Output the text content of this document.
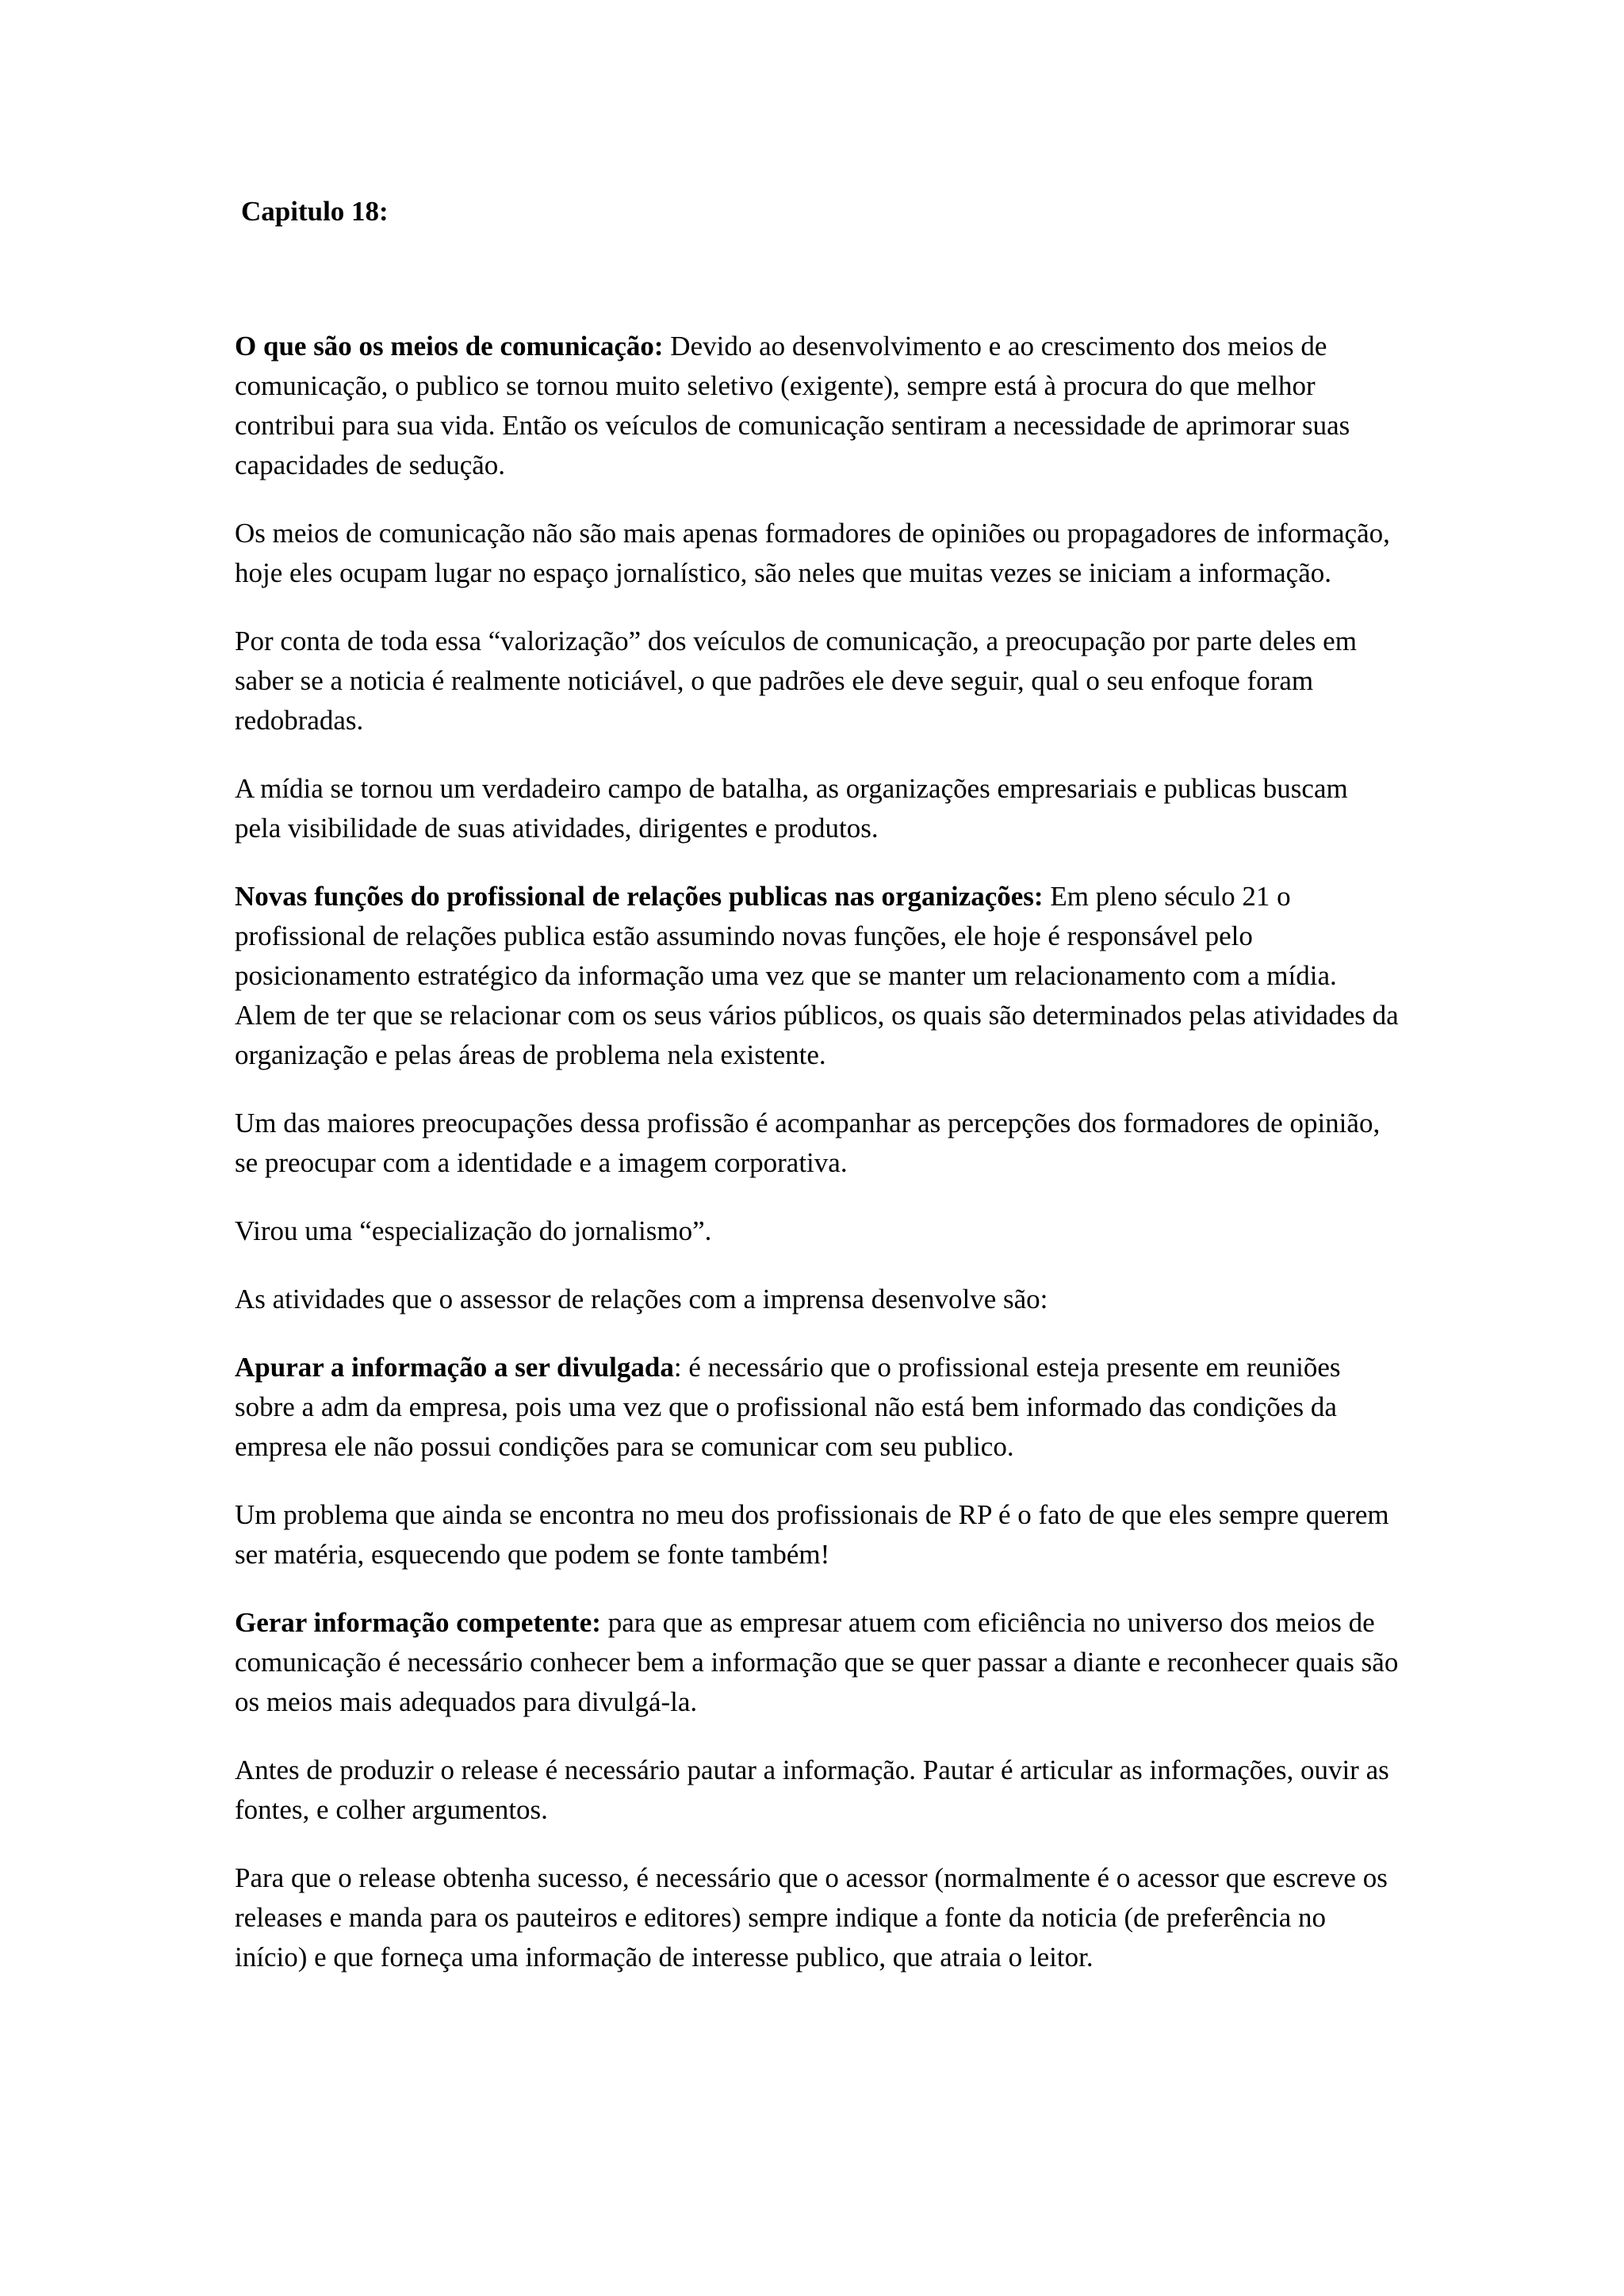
Capitulo 18:

O que são os meios de comunicação: Devido ao desenvolvimento e ao crescimento dos meios de comunicação, o publico se tornou muito seletivo (exigente), sempre está à procura do que melhor contribui para sua vida. Então os veículos de comunicação sentiram a necessidade de aprimorar suas capacidades de sedução.

Os meios de comunicação não são mais apenas formadores de opiniões ou propagadores de informação, hoje eles ocupam lugar no espaço jornalístico, são neles que muitas vezes se iniciam a informação.

Por conta de toda essa “valorização” dos veículos de comunicação, a preocupação por parte deles em saber se a noticia é realmente noticiável, o que padrões ele deve seguir, qual o seu enfoque foram redobradas.

A mídia se tornou um verdadeiro campo de batalha, as organizações empresariais e publicas buscam pela visibilidade de suas atividades, dirigentes e produtos.

Novas funções do profissional de relações publicas nas organizações: Em pleno século 21 o profissional de relações publica estão assumindo novas funções, ele hoje é responsável pelo posicionamento estratégico da informação uma vez que se manter um relacionamento com a mídia. Alem de ter que se relacionar com os seus vários públicos, os quais são determinados pelas atividades da organização e pelas áreas de problema nela existente.

Um das maiores preocupações dessa profissão é acompanhar as percepções dos formadores de opinião, se preocupar com a identidade e a imagem corporativa.

Virou uma “especialização do jornalismo”.

As atividades que o assessor de relações com a imprensa desenvolve são:

Apurar a informação a ser divulgada: é necessário que o profissional esteja presente em reuniões sobre a adm da empresa, pois uma vez que o profissional não está bem informado das condições da empresa ele não possui condições para se comunicar com seu publico.

Um problema que ainda se encontra no meu dos profissionais de RP é o fato de que eles sempre querem ser matéria, esquecendo que podem se fonte também!

Gerar informação competente: para que as empresar atuem com eficiência no universo dos meios de comunicação é necessário conhecer bem a informação que se quer passar a diante e reconhecer quais são os meios mais adequados para divulgá-la.

Antes de produzir o release é necessário pautar a informação. Pautar é articular as informações, ouvir as fontes, e colher argumentos.

Para que o release obtenha sucesso, é necessário que o acessor (normalmente é o acessor que escreve os releases e manda para os pauteiros e editores) sempre indique a fonte da noticia (de preferência no início) e que forneça uma informação de interesse publico, que atraia o leitor.
